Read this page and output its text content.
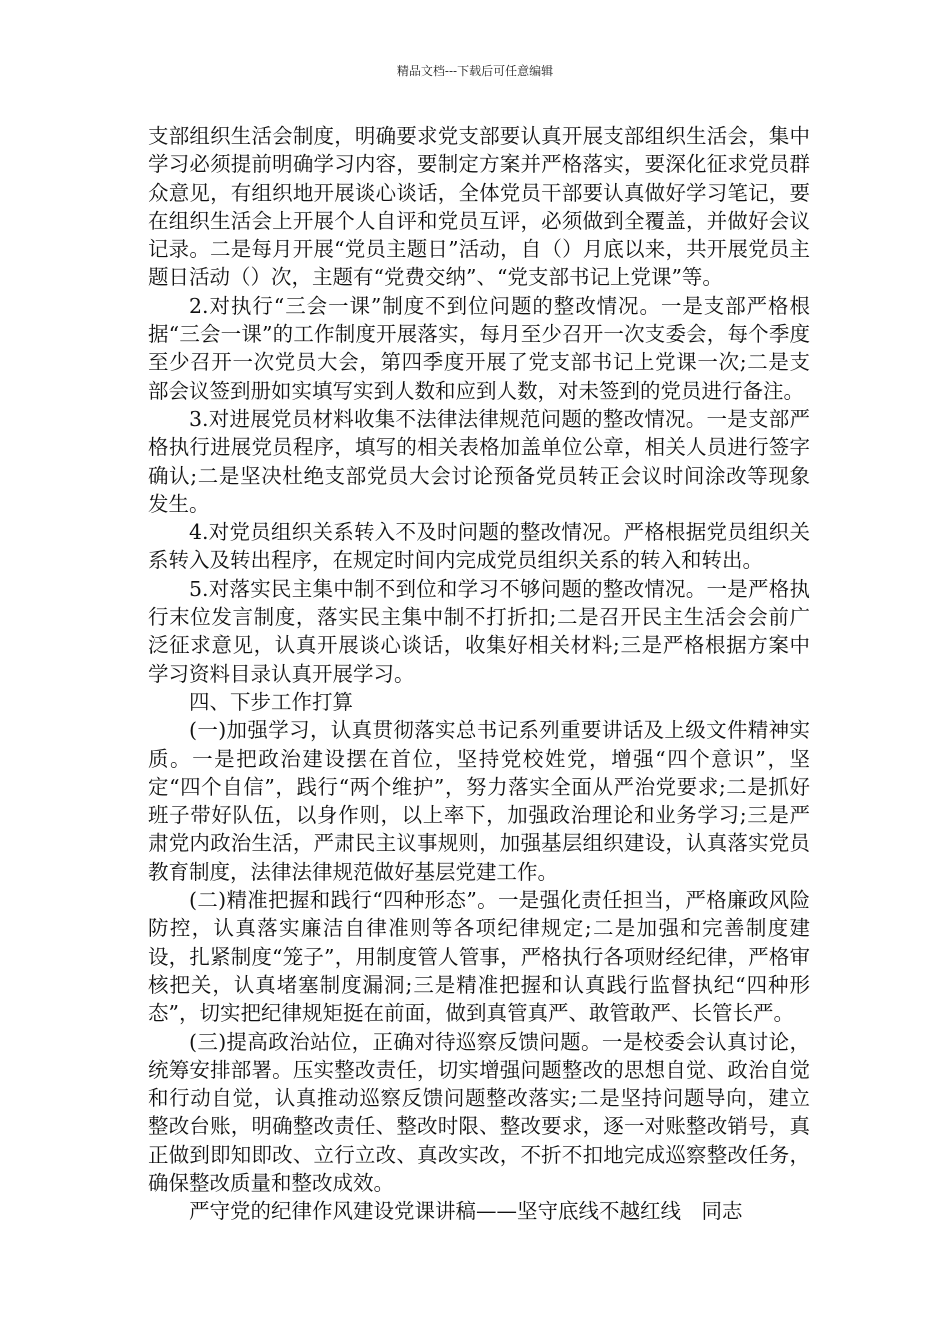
精品文档---下载后可任意编辑

支部组织生活会制度，明确要求党支部要认真开展支部组织生活会，集中学习必须提前明确学习内容，要制定方案并严格落实，要深化征求党员群众意见，有组织地开展谈心谈话，全体党员干部要认真做好学习笔记，要在组织生活会上开展个人自评和党员互评，必须做到全覆盖，并做好会议记录。二是每月开展“党员主题日”活动，自（）月底以来，共开展党员主题日活动（）次，主题有“党费交纳”、“党支部书记上党课”等。

2.对执行“三会一课”制度不到位问题的整改情况。一是支部严格根据“三会一课”的工作制度开展落实，每月至少召开一次支委会，每个季度至少召开一次党员大会，第四季度开展了党支部书记上党课一次;二是支部会议签到册如实填写实到人数和应到人数，对未签到的党员进行备注。

3.对进展党员材料收集不法律法律规范问题的整改情况。一是支部严格执行进展党员程序，填写的相关表格加盖单位公章，相关人员进行签字确认;二是坚决杜绝支部党员大会讨论预备党员转正会议时间涂改等现象发生。

4.对党员组织关系转入不及时问题的整改情况。严格根据党员组织关系转入及转出程序，在规定时间内完成党员组织关系的转入和转出。

5.对落实民主集中制不到位和学习不够问题的整改情况。一是严格执行末位发言制度，落实民主集中制不打折扣;二是召开民主生活会会前广泛征求意见，认真开展谈心谈话，收集好相关材料;三是严格根据方案中学习资料目录认真开展学习。

四、下步工作打算

(一)加强学习，认真贯彻落实总书记系列重要讲话及上级文件精神实质。一是把政治建设摆在首位，坚持党校姓党，增强“四个意识”，坚定“四个自信”，践行“两个维护”，努力落实全面从严治党要求;二是抓好班子带好队伍，以身作则，以上率下，加强政治理论和业务学习;三是严肃党内政治生活，严肃民主议事规则，加强基层组织建设，认真落实党员教育制度，法律法律规范做好基层党建工作。

(二)精准把握和践行“四种形态”。一是强化责任担当，严格廉政风险防控，认真落实廉洁自律准则等各项纪律规定;二是加强和完善制度建设，扎紧制度“笼子”，用制度管人管事，严格执行各项财经纪律，严格审核把关，认真堵塞制度漏洞;三是精准把握和认真践行监督执纪“四种形态”，切实把纪律规矩挺在前面，做到真管真严、敢管敢严、长管长严。

(三)提高政治站位，正确对待巡察反馈问题。一是校委会认真讨论，统筹安排部署。压实整改责任，切实增强问题整改的思想自觉、政治自觉和行动自觉，认真推动巡察反馈问题整改落实;二是坚持问题导向，建立整改台账，明确整改责任、整改时限、整改要求，逐一对账整改销号，真正做到即知即改、立行立改、真改实改，不折不扣地完成巡察整改任务，确保整改质量和整改成效。

严守党的纪律作风建设党课讲稿——坚守底线不越红线　同志
